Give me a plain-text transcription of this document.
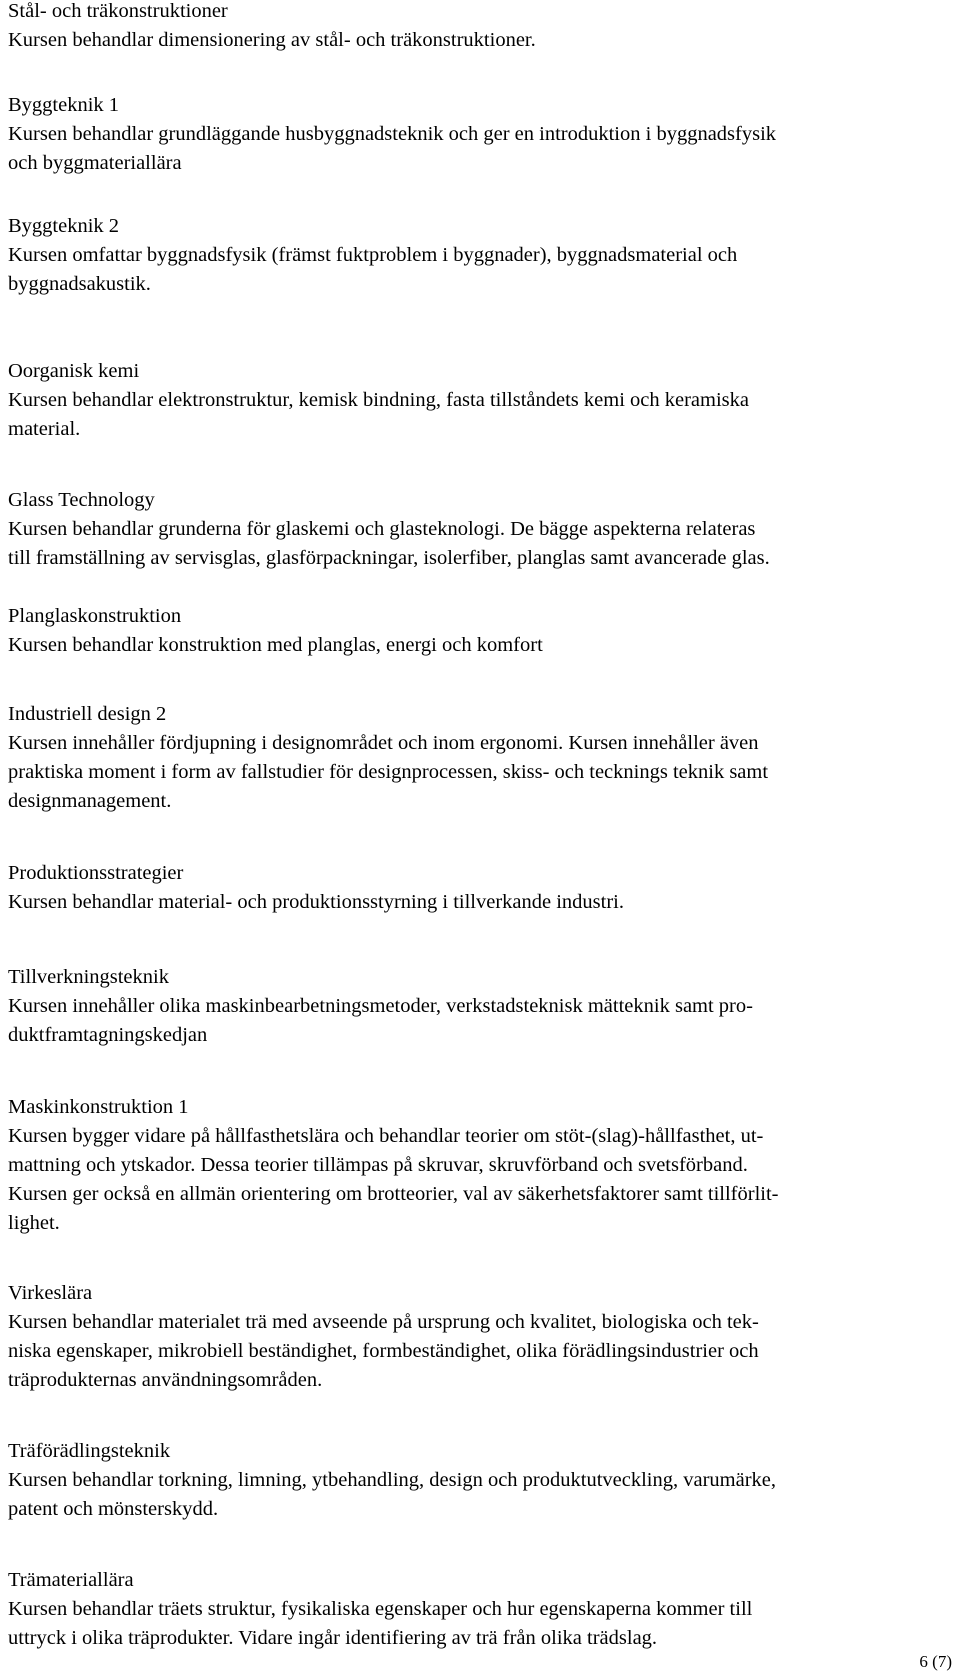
Stål- och träkonstruktioner
Kursen behandlar dimensionering av stål- och träkonstruktioner.
Byggteknik 1
Kursen behandlar grundläggande husbyggnadsteknik och ger en introduktion i byggnadsfysik
och byggmateriallära
Byggteknik 2
Kursen omfattar byggnadsfysik (främst fuktproblem i byggnader), byggnadsmaterial och
byggnadsakustik.
Oorganisk kemi
Kursen behandlar elektronstruktur, kemisk bindning, fasta tillståndets kemi och keramiska
material.
Glass Technology
Kursen behandlar grunderna för glaskemi och glasteknologi. De bägge aspekterna relateras
till framställning av servisglas, glasförpackningar, isolerfiber, planglas samt avancerade glas.
Planglaskonstruktion
Kursen behandlar konstruktion med planglas, energi och komfort
Industriell design 2
Kursen innehåller fördjupning i designområdet och inom ergonomi. Kursen innehåller även
praktiska moment i form av fallstudier för designprocessen, skiss- och tecknings teknik samt
designmanagement.
Produktionsstrategier
Kursen behandlar material- och produktionsstyrning i tillverkande industri.
Tillverkningsteknik
Kursen innehåller olika maskinbearbetningsmetoder, verkstadsteknisk mätteknik samt pro-
duktframtagningskedjan
Maskinkonstruktion 1
Kursen bygger vidare på hållfasthetslära och behandlar teorier om stöt-(slag)-hållfasthet, ut-
mattning och ytskador. Dessa teorier tillämpas på skruvar, skruvförband och svetsförband.
Kursen ger också en allmän orientering om brotteorier, val av säkerhetsfaktorer samt tillförlit-
lighet.
Virkeslära
Kursen behandlar materialet trä med avseende på ursprung och kvalitet, biologiska och tek-
niska egenskaper, mikrobiell beständighet, formbeständighet, olika förädlingsindustrier och
träprodukternas användningsområden.
Träförädlingsteknik
Kursen behandlar torkning, limning, ytbehandling, design och produktutveckling, varumärke,
patent och mönsterskydd.
Trämateriallära
Kursen behandlar träets struktur, fysikaliska egenskaper och hur egenskaperna kommer till
uttryck i olika träprodukter. Vidare ingår identifiering av trä från olika trädslag.
6 (7)
